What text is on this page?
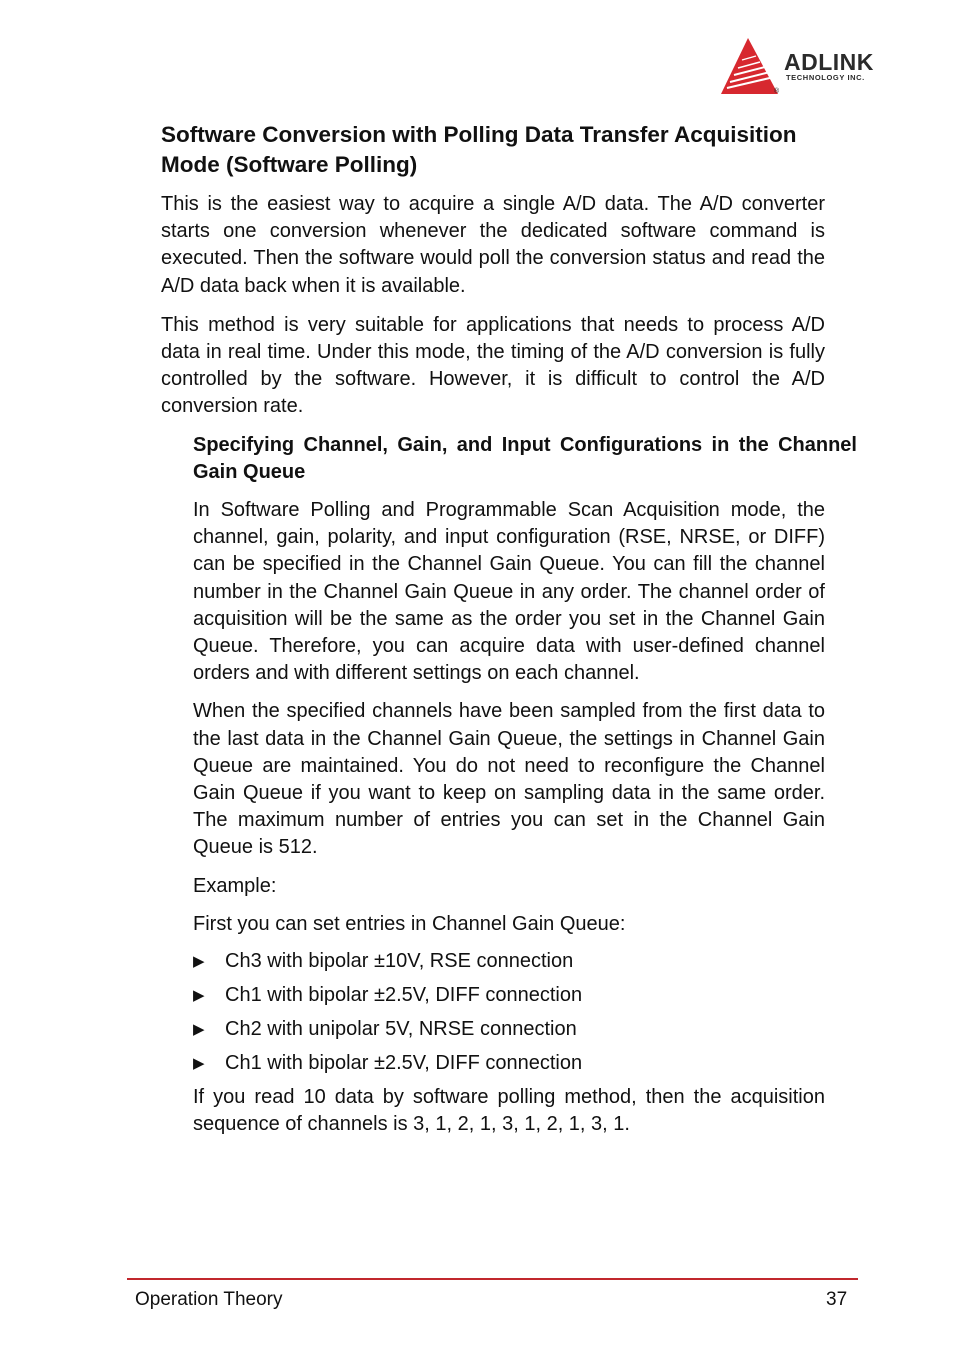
ADLINK
TECHNOLOGY INC.
®
Software Conversion with Polling Data Transfer Acquisition Mode (Software Polling)

This is the easiest way to acquire a single A/D data. The A/D converter starts one conversion whenever the dedicated software command is executed. Then the software would poll the conversion status and read the A/D data back when it is available.

This method is very suitable for applications that needs to process A/D data in real time. Under this mode, the timing of the A/D conversion is fully controlled by the software. However, it is difficult to control the A/D conversion rate.

Specifying Channel, Gain, and Input Configurations in the Channel Gain Queue

In Software Polling and Programmable Scan Acquisition mode, the channel, gain, polarity, and input configuration (RSE, NRSE, or DIFF) can be specified in the Channel Gain Queue. You can fill the channel number in the Channel Gain Queue in any order. The channel order of acquisition will be the same as the order you set in the Channel Gain Queue. Therefore, you can acquire data with user-defined channel orders and with different settings on each channel.

When the specified channels have been sampled from the first data to the last data in the Channel Gain Queue, the settings in Channel Gain Queue are maintained. You do not need to reconfigure the Channel Gain Queue if you want to keep on sampling data in the same order. The maximum number of entries you can set in the Channel Gain Queue is 512.

Example:

First you can set entries in Channel Gain Queue:

▶ Ch3 with bipolar ±10V, RSE connection
▶ Ch1 with bipolar ±2.5V, DIFF connection
▶ Ch2 with unipolar 5V, NRSE connection
▶ Ch1 with bipolar ±2.5V, DIFF connection

If you read 10 data by software polling method, then the acquisition sequence of channels is 3, 1, 2, 1, 3, 1, 2, 1, 3, 1.

Operation Theory	37
